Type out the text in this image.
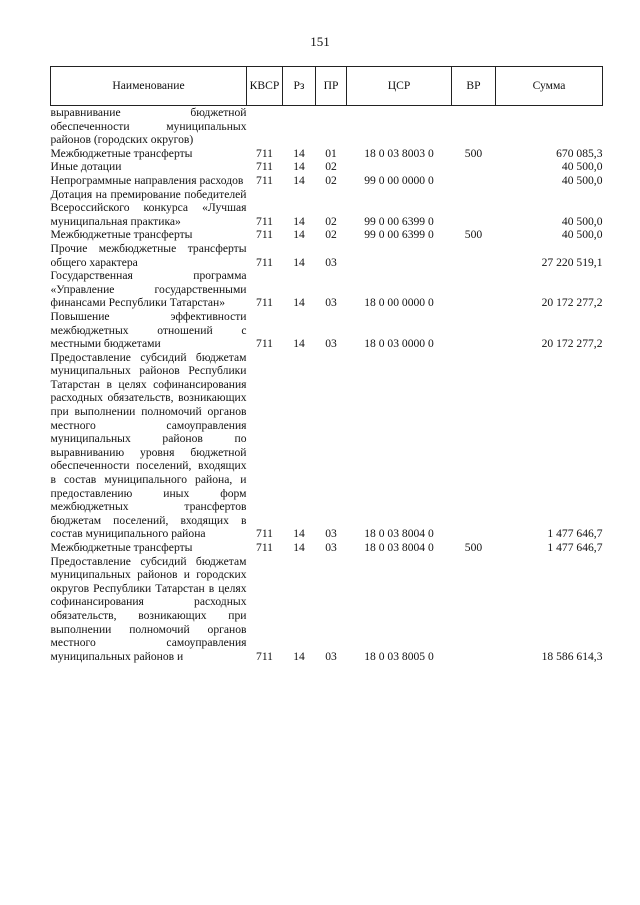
151
Наименование	КВСР	Рз	ПР	ЦСР	ВР	Сумма
выравнивание бюджетной обеспеченности муниципальных районов (городских округов)						
Межбюджетные трансферты	711	14	01	18 0 03 8003 0	500	670 085,3
Иные дотации	711	14	02			40 500,0
Непрограммные направления расходов	711	14	02	99 0 00 0000 0		40 500,0
Дотация на премирование победителей Всероссийского конкурса «Лучшая муниципальная практика»	711	14	02	99 0 00 6399 0		40 500,0
Межбюджетные трансферты	711	14	02	99 0 00 6399 0	500	40 500,0
Прочие межбюджетные трансферты общего характера	711	14	03			27 220 519,1
Государственная программа «Управление государственными финансами Республики Татарстан»	711	14	03	18 0 00 0000 0		20 172 277,2
Повышение эффективности межбюджетных отношений с местными бюджетами	711	14	03	18 0 03 0000 0		20 172 277,2
Предоставление субсидий бюджетам муниципальных районов Республики Татарстан в целях софинансирования расходных обязательств, возникающих при выполнении полномочий органов местного самоуправления муниципальных районов по выравниванию уровня бюджетной обеспеченности поселений, входящих в состав муниципального района, и предоставлению иных форм межбюджетных трансфертов бюджетам поселений, входящих в состав муниципального района	711	14	03	18 0 03 8004 0		1 477 646,7
Межбюджетные трансферты	711	14	03	18 0 03 8004 0	500	1 477 646,7
Предоставление субсидий бюджетам муниципальных районов и городских округов Республики Татарстан в целях софинансирования расходных обязательств, возникающих при выполнении полномочий органов местного самоуправления муниципальных районов и	711	14	03	18 0 03 8005 0		18 586 614,3
